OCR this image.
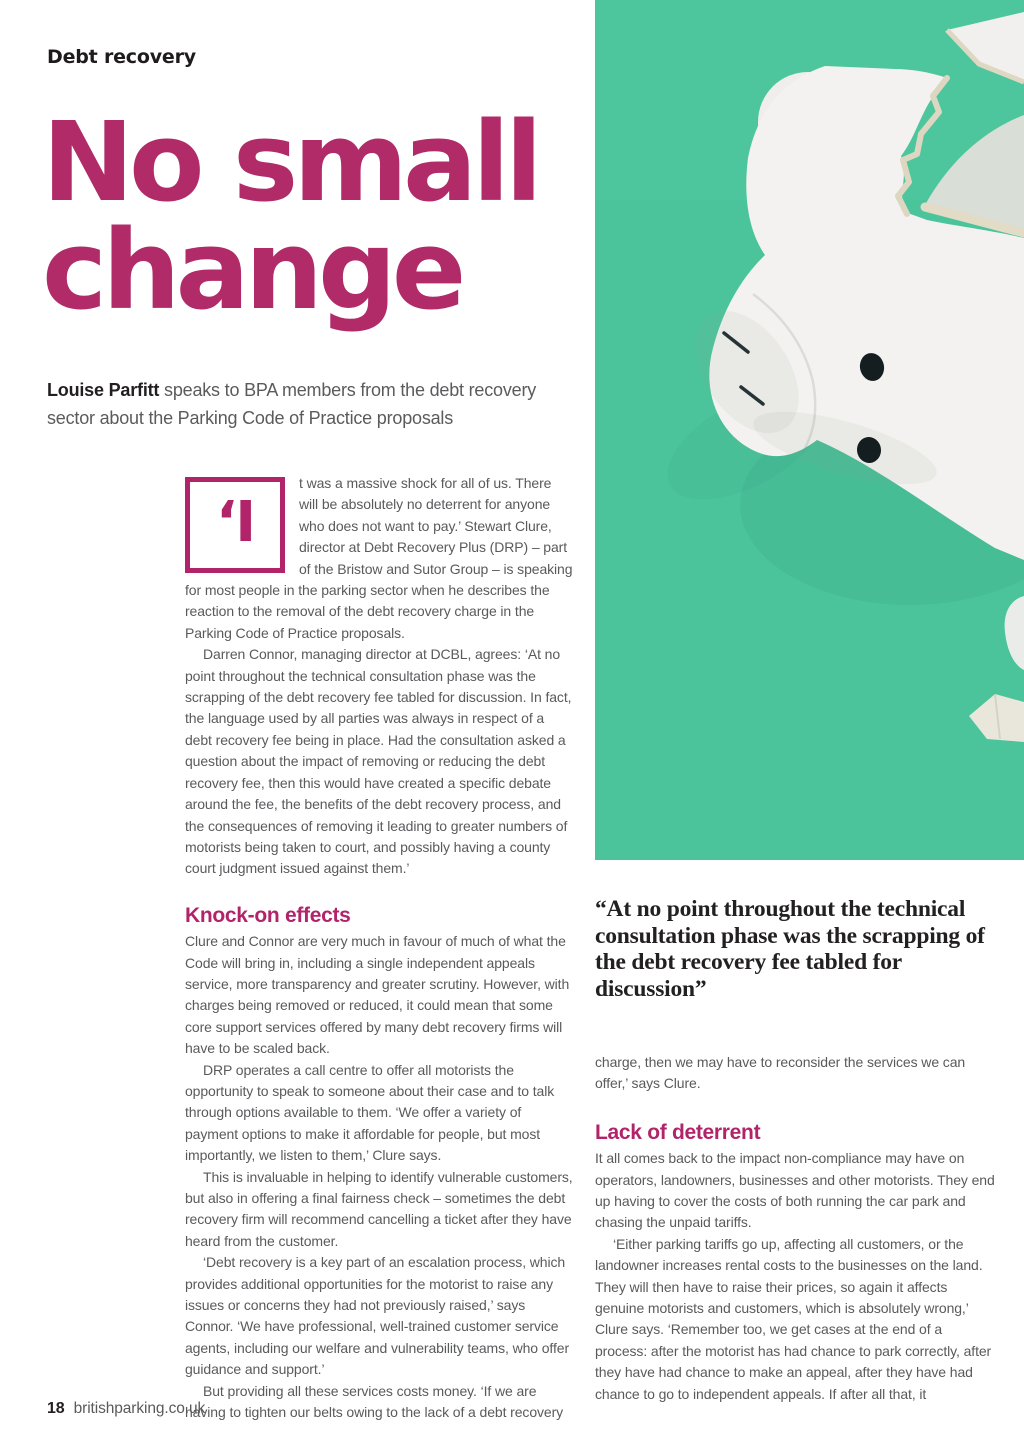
Debt recovery
No small
change
Louise Parfitt speaks to BPA members from the debt recovery sector about the Parking Code of Practice proposals
‘I

t was a massive shock for all of us. There will be absolutely no deterrent for anyone who does not want to pay.’ Stewart Clure, director at Debt Recovery Plus (DRP) – part of the Bristow and Sutor Group – is speaking for most people in the parking sector when he describes the reaction to the removal of the debt recovery charge in the Parking Code of Practice proposals.

Darren Connor, managing director at DCBL, agrees: ‘At no point throughout the technical consultation phase was the scrapping of the debt recovery fee tabled for discussion. In fact, the language used by all parties was always in respect of a debt recovery fee being in place. Had the consultation asked a question about the impact of removing or reducing the debt recovery fee, then this would have created a specific debate around the fee, the benefits of the debt recovery process, and the consequences of removing it leading to greater numbers of motorists being taken to court, and possibly having a county court judgment issued against them.’

Knock-on effects

Clure and Connor are very much in favour of much of what the Code will bring in, including a single independent appeals service, more transparency and greater scrutiny. However, with charges being removed or reduced, it could mean that some core support services offered by many debt recovery firms will have to be scaled back.

DRP operates a call centre to offer all motorists the opportunity to speak to someone about their case and to talk through options available to them. ‘We offer a variety of payment options to make it affordable for people, but most importantly, we listen to them,’ Clure says.

This is invaluable in helping to identify vulnerable customers, but also in offering a final fairness check – sometimes the debt recovery firm will recommend cancelling a ticket after they have heard from the customer.

‘Debt recovery is a key part of an escalation process, which provides additional opportunities for the motorist to raise any issues or concerns they had not previously raised,’ says Connor. ‘We have professional, well-trained customer service agents, including our welfare and vulnerability teams, who offer guidance and support.’

But providing all these services costs money. ‘If we are having to tighten our belts owing to the lack of a debt recovery

“At no point throughout the technical consultation phase was the scrapping of the debt recovery fee tabled for discussion”

charge, then we may have to reconsider the services we can offer,’ says Clure.

Lack of deterrent

It all comes back to the impact non-compliance may have on operators, landowners, businesses and other motorists. They end up having to cover the costs of both running the car park and chasing the unpaid tariffs.

‘Either parking tariffs go up, affecting all customers, or the landowner increases rental costs to the businesses on the land. They will then have to raise their prices, so again it affects genuine motorists and customers, which is absolutely wrong,’ Clure says. ‘Remember too, we get cases at the end of a process: after the motorist has had chance to park correctly, after they have had chance to make an appeal, after they have had chance to go to independent appeals. If after all that, it

18 britishparking.co.uk
